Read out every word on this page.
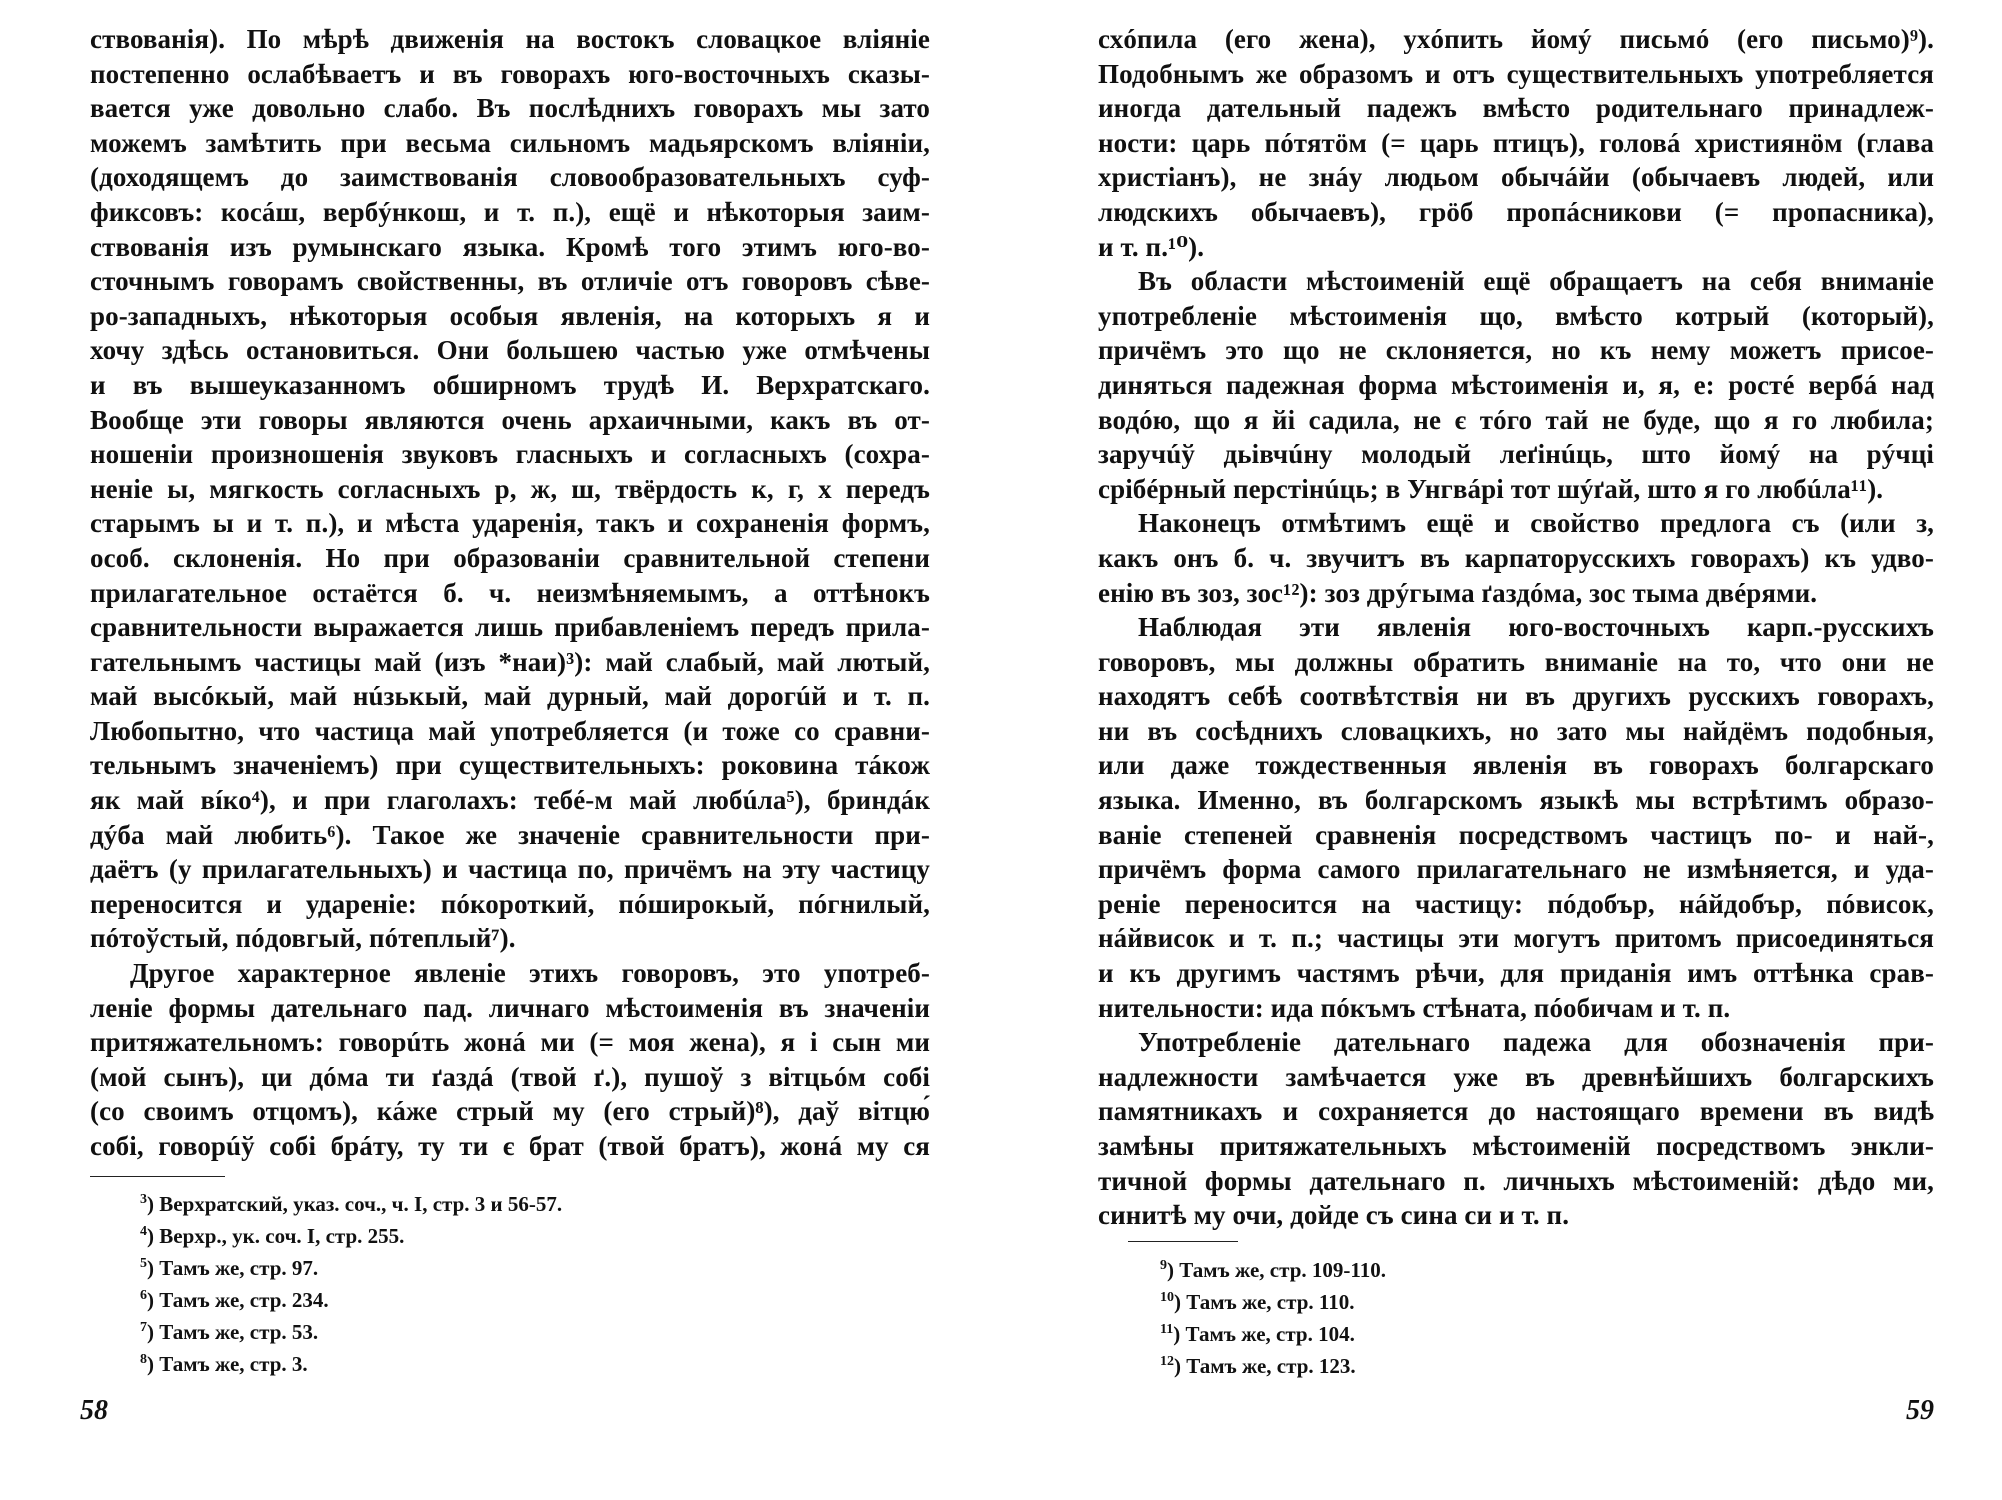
ствованія). По мѣрѣ движенія на востокъ словацкое вліяніе
постепенно ослабѣваетъ и въ говорахъ юго-восточныхъ сказы-
вается уже довольно слабо. Въ послѣднихъ говорахъ мы зато
можемъ замѣтить при весьма сильномъ мадьярскомъ вліяніи,
(доходящемъ до заимствованія словообразовательныхъ суф-
фиксовъ: косáш, вербýнкош, и т. п.), ещё и нѣкоторыя заим-
ствованія изъ румынскаго языка. Кромѣ того этимъ юго-во-
сточнымъ говорамъ свойственны, въ отличіе отъ говоровъ сѣве-
ро-западныхъ, нѣкоторыя особыя явленія, на которыхъ я и
хочу здѣсь остановиться. Они большею частью уже отмѣчены
и въ вышеуказанномъ обширномъ трудѣ И. Верхратскаго.
Вообще эти говоры являются очень архаичными, какъ въ от-
ношеніи произношенія звуковъ гласныхъ и согласныхъ (сохра-
неніе ы, мягкость согласныхъ р, ж, ш, твёрдость к, г, х передъ
старымъ ы и т. п.), и мѣста ударенія, такъ и сохраненія формъ,
особ. склоненія. Но при образованіи сравнительной степени
прилагательное остаётся б. ч. неизмѣняемымъ, а оттѣнокъ
сравнительности выражается лишь прибавленіемъ передъ прила-
гательнымъ частицы май (изъ *наи)³): май слабый, май лютый,
май высóкый, май нúзькый, май дурный, май дорогúй и т. п.
Любопытно, что частица май употребляется (и тоже со сравни-
тельнымъ значеніемъ) при существительныхъ: роковина тáкож
як май вíко⁴), и при глаголахъ: тебé-м май любúла⁵), бриндáк
дýба май любить⁶). Такое же значеніе сравнительности при-
даётъ (у прилагательныхъ) и частица по, причёмъ на эту частицу
переносится и удареніе: пóкороткий, пóширокый, пóгнилый,
пóтоўстый, пóдовгый, пóтеплый⁷).
Другое характерное явленіе этихъ говоровъ, это употреб-
леніе формы дательнаго пад. личнаго мѣстоименія въ значеніи
притяжательномъ: говорúть жонá ми (= моя жена), я і сын ми
(мой сынъ), ци дóма ти ґаздá (твой ґ.), пушоў з вітцьóм собі
(со своимъ отцомъ), кáже стрый му (его стрый)⁸), даў вітцю́
собі, говорúў собі брáту, ту ти є брат (твой братъ), жонá му ся
$^3$) Верхратский, указ. соч., ч. I, стр. 3 и 56-57.
$^4$) Верхр., ук. соч. I, стр. 255.
$^5$) Тамъ же, стр. 97.
$^6$) Тамъ же, стр. 234.
$^7$) Тамъ же, стр. 53.
$^8$) Тамъ же, стр. 3.
58
схóпила (его жена), ухóпить йомý письмó (его письмо)⁹).
Подобнымъ же образомъ и отъ существительныхъ употребляется
иногда дательный падежъ вмѣсто родительнаго принадлеж-
ности: царь пóтятӧм (= царь птицъ), головá християнӧм (глава
христіанъ), не знáу людьом обычáйи (обычаевъ людей, или
людскихъ обычаевъ), грӧб пропáсникови (= пропасника),
и т. п.¹⁰).
Въ области мѣстоименій ещё обращаетъ на себя вниманіе
употребленіе мѣстоименія що, вмѣсто котрый (который),
причёмъ это що не склоняется, но къ нему можетъ присое-
диняться падежная форма мѣстоименія и, я, е: ростé вербá над
водóю, що я йі садила, не є тóго тай не буде, що я го любила;
заручúў дьівчúну молодый леґінúць, што йомý на рýчці
срібéрный перстінúць; в Унгвáрі тот шýґай, што я го любúла¹¹).
Наконецъ отмѣтимъ ещё и свойство предлога съ (или з,
какъ онъ б. ч. звучитъ въ карпаторусскихъ говорахъ) къ удво-
енію въ зоз, зос¹²): зоз дрýгыма ґаздóма, зос тыма двéрями.
Наблюдая эти явленія юго-восточныхъ карп.-русскихъ
говоровъ, мы должны обратить вниманіе на то, что они не
находятъ себѣ соотвѣтствія ни въ другихъ русскихъ говорахъ,
ни въ сосѣднихъ словацкихъ, но зато мы найдёмъ подобныя,
или даже тождественныя явленія въ говорахъ болгарскаго
языка. Именно, въ болгарскомъ языкѣ мы встрѣтимъ образо-
ваніе степеней сравненія посредствомъ частицъ по- и най-,
причёмъ форма самого прилагательнаго не измѣняется, и уда-
реніе переносится на частицу: пóдобър, нáйдобър, пóвисок,
нáйвисок и т. п.; частицы эти могутъ притомъ присоединяться
и къ другимъ частямъ рѣчи, для приданія имъ оттѣнка срав-
нительности: ида пóкъмъ стѣната, пóобичам и т. п.
Употребленіе дательнаго падежа для обозначенія при-
надлежности замѣчается уже въ древнѣйшихъ болгарскихъ
памятникахъ и сохраняется до настоящаго времени въ видѣ
замѣны притяжательныхъ мѣстоименій посредствомъ энкли-
тичной формы дательнаго п. личныхъ мѣстоименій: дѣдо ми,
синитѣ му очи, дойде съ сина си и т. п.
$^9$) Тамъ же, стр. 109-110.
$^{10}$) Тамъ же, стр. 110.
$^{11}$) Тамъ же, стр. 104.
$^{12}$) Тамъ же, стр. 123.
59
